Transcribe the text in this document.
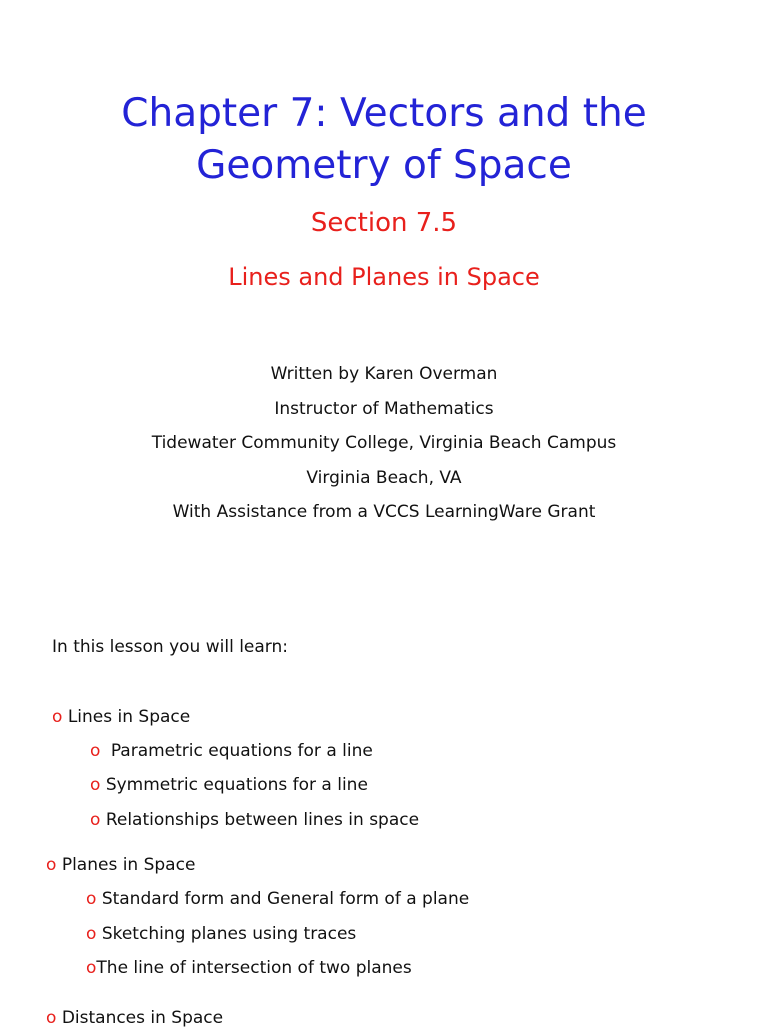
Chapter 7: Vectors and the
Geometry of Space
Section 7.5
Lines and Planes in Space
Written by Karen Overman
Instructor of Mathematics
Tidewater Community College, Virginia Beach Campus
Virginia Beach, VA
With Assistance from a VCCS LearningWare Grant
In this lesson you will learn:
o Lines in Space
o Parametric equations for a line
o Symmetric equations for a line
o Relationships between lines in space
o Planes in Space
o Standard form and General form of a plane
o Sketching planes using traces
oThe line of intersection of two planes
o Distances in Space
